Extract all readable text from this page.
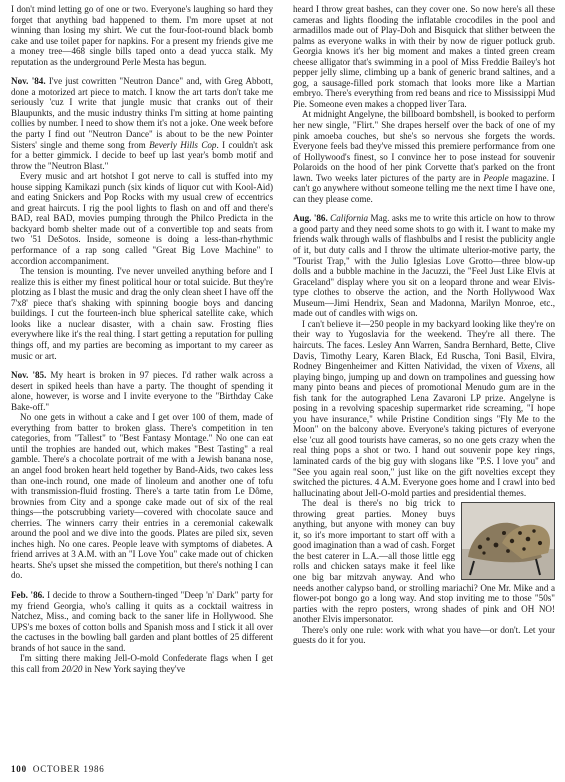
I don't mind letting go of one or two. Everyone's laughing so hard they forget that anything bad happened to them. I'm more upset at not winning than losing my shirt. We cut the four-foot-round black bomb cake and use toilet paper for napkins. For a present my friends give me a money tree—468 single bills taped onto a dead yucca stalk. My reputation as the underground Perle Mesta has begun.

Nov. '84. I've just cowritten "Neutron Dance" and, with Greg Abbott, done a motorized art piece to match. I know the art tarts don't take me seriously 'cuz I write that jungle music that cranks out of their Blaupunkts, and the music industry thinks I'm sitting at home painting collies by number. I need to show them it's not a joke. One week before the party I find out "Neutron Dance" is about to be the new Pointer Sisters' single and theme song from Beverly Hills Cop. I couldn't ask for a better gimmick. I decide to beef up last year's bomb motif and throw the "Neutron Blast."

Every music and art hotshot I got nerve to call is stuffed into my house sipping Kamikazi punch (six kinds of liquor cut with Kool-Aid) and eating Snickers and Pop Rocks with my usual crew of eccentrics and great haircuts. I rig the pool lights to flash on and off and there's BAD, real BAD, movies pumping through the Philco Predicta in the backyard bomb shelter made out of a convertible top and seats from two '51 DeSotos. Inside, someone is doing a less-than-rhythmic performance of a rap song called "Great Big Love Machine" to accordion accompaniment.

The tension is mounting. I've never unveiled anything before and I realize this is either my finest political hour or total suicide. But they're plotzing as I blast the music and drag the only clean sheet I have off the 7'x8' piece that's shaking with spinning boogie boys and dancing buildings. I cut the fourteen-inch blue spherical satellite cake, which looks like a nuclear disaster, with a chain saw. Frosting flies everywhere like it's the real thing. I start getting a reputation for pulling things off, and my parties are becoming as important to my career as music or art.

Nov. '85. My heart is broken in 97 pieces. I'd rather walk across a desert in spiked heels than have a party. The thought of spending it alone, however, is worse and I invite everyone to the "Birthday Cake Bake-off."

No one gets in without a cake and I get over 100 of them, made of everything from batter to broken glass. There's competition in ten categories, from "Tallest" to "Best Fantasy Montage." No one can eat until the trophies are handed out, which makes "Best Tasting" a real gamble. There's a chocolate portrait of me with a Jewish banana nose, an angel food broken heart held together by Band-Aids, two cakes less than one-inch round, one made of linoleum and another one of tofu with transmission-fluid frosting. There's a tarte tatin from Le Dôme, brownies from City and a sponge cake made out of six of the real things—the potscrubbing variety—covered with chocolate sauce and cherries. The winners carry their entries in a ceremonial cakewalk around the pool and we dive into the goods. Plates are piled six, seven inches high. No one cares. People leave with symptoms of diabetes. A friend arrives at 3 A.M. with an "I Love You" cake made out of chicken hearts. She's upset she missed the competition, but there's nothing I can do.

Feb. '86. I decide to throw a Southern-tinged "Deep 'n' Dark" party for my friend Georgia, who's calling it quits as a cocktail waitress in Natchez, Miss., and coming back to the saner life in Hollywood. She UPS's me boxes of cotton bolls and Spanish moss and I stick it all over the cactuses in the bowling ball garden and plant bottles of 25 different brands of hot sauce in the sand.

I'm sitting there making Jell-O-mold Confederate flags when I get this call from 20/20 in New York saying they've

heard I throw great bashes, can they cover one. So now here's all these cameras and lights flooding the inflatable crocodiles in the pool and armadillos made out of Play-Doh and Bisquick that slither between the palms as everyone walks in with their by now de riguer potluck grub. Georgia knows it's her big moment and makes a tinted green cream cheese alligator that's swimming in a pool of Miss Freddie Bailey's hot pepper jelly slime, climbing up a bank of generic brand saltines, and a gog, a sausage-filled pork stomach that looks more like a Martian embryo. There's everything from red beans and rice to Mississippi Mud Pie. Someone even makes a chopped liver Tara.

At midnight Angelyne, the billboard bombshell, is booked to perform her new single, "Flirt." She drapes herself over the back of one of my pink amoeba couches, but she's so nervous she forgets the words. Everyone feels bad they've missed this premiere performance from one of Hollywood's finest, so I convince her to pose instead for souvenir Polaroids on the hood of her pink Corvette that's parked on the front lawn. Two weeks later pictures of the party are in People magazine. I can't go anywhere without someone telling me the next time I have one, can they please come.

Aug. '86. California Mag. asks me to write this article on how to throw a good party and they need some shots to go with it. I want to make my friends walk through walls of flashbulbs and I resist the publicity angle of it, but duty calls and I throw the ultimate ulterior-motive party, the "Tourist Trap," with the Julio Iglesias Love Grotto—three blow-up dolls and a bubble machine in the Jacuzzi, the "Feel Just Like Elvis at Graceland" display where you sit on a leopard throne and wear Elvis-type clothes to observe the action, and the North Hollywood Wax Museum—Jimi Hendrix, Sean and Madonna, Marilyn Monroe, etc., made out of candles with wigs on.

I can't believe it—250 people in my backyard looking like they're on their way to Yugoslavia for the weekend. They're all there. The haircuts. The faces. Lesley Ann Warren, Sandra Bernhard, Bette, Clive Davis, Timothy Leary, Karen Black, Ed Ruscha, Toni Basil, Elvira, Rodney Bingenheimer and Kitten Natividad, the vixen of Vixens, all playing bingo, jumping up and down on trampolines and guessing how many pinto beans and pieces of promotional Menudo gum are in the fish tank for the autographed Lena Zavaroni LP prize. Angelyne is posing in a revolving spaceship supermarket ride screaming, "I hope you have insurance," while Pristine Condition sings "Fly Me to the Moon" on the balcony above. Everyone's taking pictures of everyone else 'cuz all good tourists have cameras, so no one gets crazy when the real thing pops a shot or two. I hand out souvenir pope key rings, laminated cards of the big guy with slogans like "P.S. I love you" and "See you again real soon," just like on the gift novelties except they switched the pictures. 4 A.M. Everyone goes home and I crawl into bed hallucinating about Jell-O-mold parties and presidential themes.

The deal is there's no big trick to throwing great parties. Money buys anything, but anyone with money can buy it, so it's more important to start off with a good imagination than a wad of cash. Forget the best caterer in L.A.—all those little egg rolls and chicken satays make it feel like one big bar mitzvah anyway. And who needs another calypso band, or strolling mariachi? One Mr. Mike and a flower-pot bongo go a long way. And stop inviting me to those "50s" parties with the repro posters, wrong shades of pink and OH NO! another Elvis impersonator.

There's only one rule: work with what you have—or don't. Let your guests do it for you.

100 OCTOBER 1986
